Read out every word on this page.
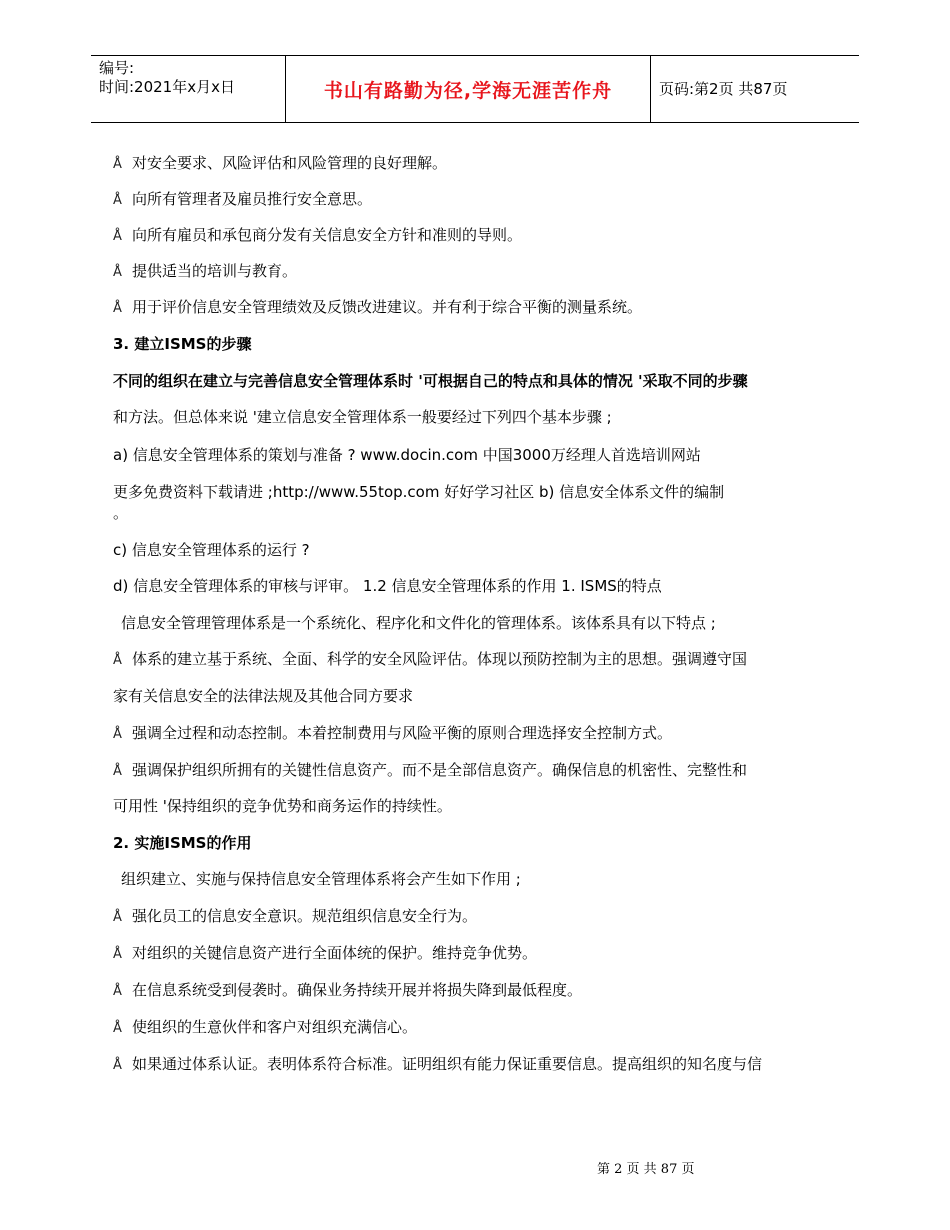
编号:
时间:2021年x月x日	书山有路勤为径,学海无涯苦作舟	页码:第2页 共87页
Å 对安全要求、风险评估和风险管理的良好理解。
Å 向所有管理者及雇员推行安全意思。
Å 向所有雇员和承包商分发有关信息安全方针和准则的导则。
Å 提供适当的培训与教育。
Å 用于评价信息安全管理绩效及反馈改进建议。并有利于综合平衡的测量系统。
3. 建立ISMS的步骤
不同的组织在建立与完善信息安全管理体系时 '可根据自己的特点和具体的情况 '采取不同的步骤
和方法。但总体来说 '建立信息安全管理体系一般要经过下列四个基本步骤 ;
a) 信息安全管理体系的策划与准备 ? www.docin.com 中国3000万经理人首选培训网站
更多免费资料下载请进 ;http://www.55top.com 好好学习社区 b) 信息安全体系文件的编制
。
c) 信息安全管理体系的运行 ?
d) 信息安全管理体系的审核与评审。 1.2 信息安全管理体系的作用 1. ISMS的特点
信息安全管理管理体系是一个系统化、程序化和文件化的管理体系。该体系具有以下特点 ;
Å 体系的建立基于系统、全面、科学的安全风险评估。体现以预防控制为主的思想。强调遵守国
家有关信息安全的法律法规及其他合同方要求
Å 强调全过程和动态控制。本着控制费用与风险平衡的原则合理选择安全控制方式。
Å 强调保护组织所拥有的关键性信息资产。而不是全部信息资产。确保信息的机密性、完整性和
可用性 '保持组织的竞争优势和商务运作的持续性。
2. 实施ISMS的作用
组织建立、实施与保持信息安全管理体系将会产生如下作用 ;
Å 强化员工的信息安全意识。规范组织信息安全行为。
Å 对组织的关键信息资产进行全面体统的保护。维持竞争优势。
Å 在信息系统受到侵袭时。确保业务持续开展并将损失降到最低程度。
Å 使组织的生意伙伴和客户对组织充满信心。
Å 如果通过体系认证。表明体系符合标准。证明组织有能力保证重要信息。提高组织的知名度与信
第 2 页 共 87 页
